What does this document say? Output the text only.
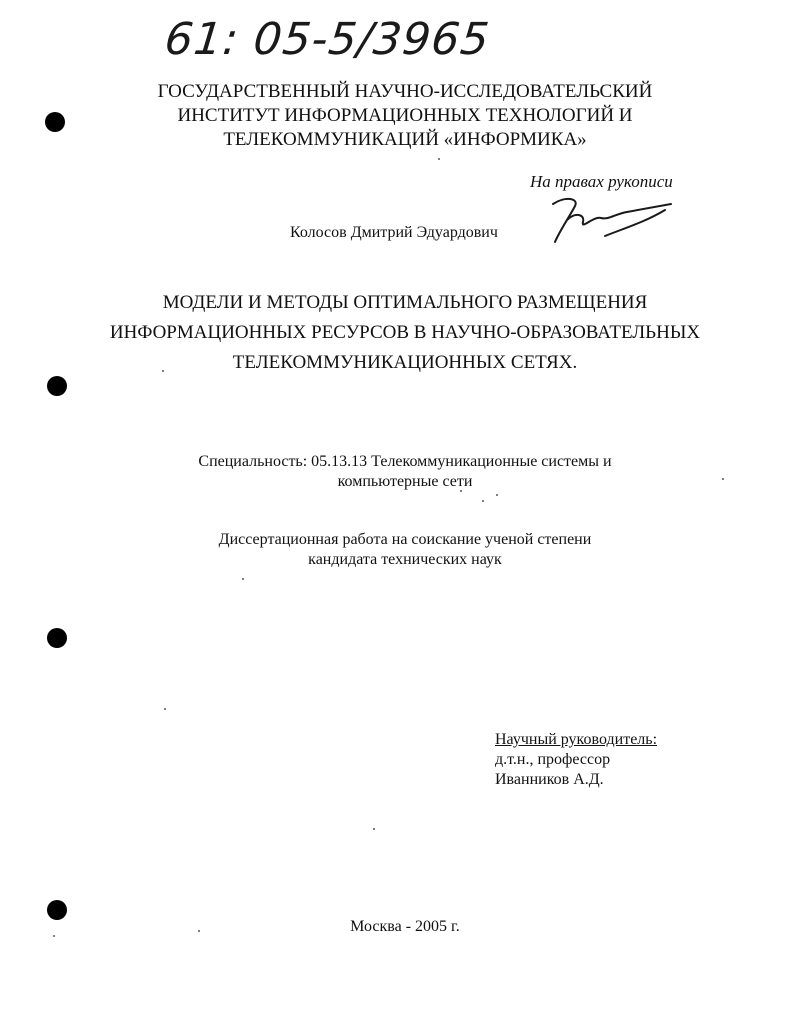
61: 05-5/3965
ГОСУДАРСТВЕННЫЙ НАУЧНО-ИССЛЕДОВАТЕЛЬСКИЙ
ИНСТИТУТ ИНФОРМАЦИОННЫХ ТЕХНОЛОГИЙ И
ТЕЛЕКОММУНИКАЦИЙ «ИНФОРМИКА»
На правах рукописи
Колосов Дмитрий Эдуардович
МОДЕЛИ И МЕТОДЫ ОПТИМАЛЬНОГО РАЗМЕЩЕНИЯ
ИНФОРМАЦИОННЫХ РЕСУРСОВ В НАУЧНО-ОБРАЗОВАТЕЛЬНЫХ
ТЕЛЕКОММУНИКАЦИОННЫХ СЕТЯХ.
Специальность: 05.13.13 Телекоммуникационные системы и
компьютерные сети
Диссертационная работа на соискание ученой степени
кандидата технических наук
Научный руководитель:
д.т.н., профессор
Иванников А.Д.
Москва - 2005 г.
